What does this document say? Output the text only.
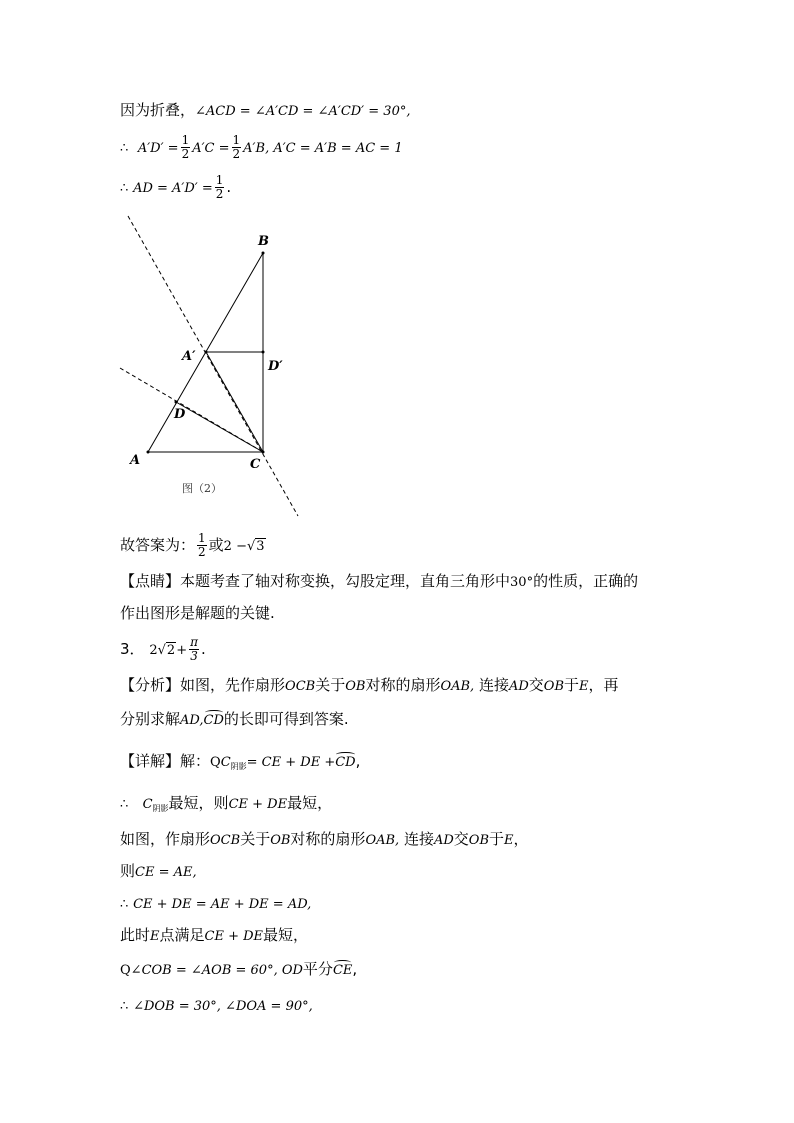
因为折叠，∠ACD = ∠A′CD = ∠A′CD′ = 30°,
∴ $A'D' = \frac{1}{2} A'C = \frac{1}{2} A'B$, A′C = A′B = AC = 1
∴ AD = $A'D' = \frac{1}{2}$ .
B
A′
D′
D
A	C
图（2）
故答案为： $\frac{1}{2}$ 或2 −√3
【点睛】本题考查了轴对称变换，勾股定理，直角三角形中30°的性质，正确的
作出图形是解题的关键.
3． $2√2+ \frac{\pi}{3}$ .
【分析】如图，先作扇形OCB关于OB对称的扇形OAB, 连接AD交OB于E，再
分别求解AD,CD的长即可得到答案.
【详解】解：$QC_{阴影}=$ CE + DE +CD,
∴ $C_{阴影}$最短，则CE + DE最短，
如图，作扇形OCB关于OB对称的扇形OAB, 连接AD交OB于E，
则CE = AE,
∴ CE + DE = AE + DE = AD,
此时E点满足CE + DE最短，
Q∠COB = ∠AOB = 60°, OD平分CE,
∴ ∠DOB = 30°, ∠DOA = 90°,
